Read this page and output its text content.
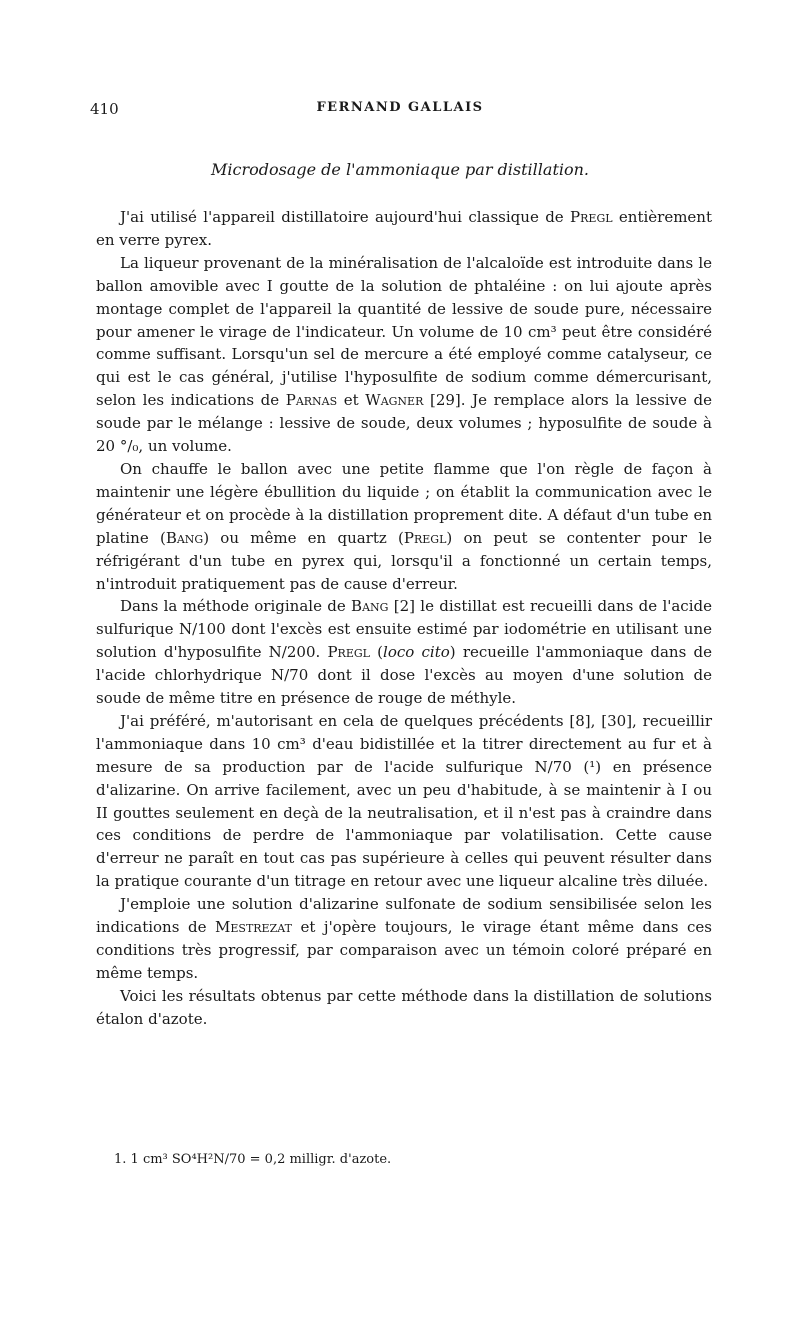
410	FERNAND GALLAIS
Microdosage de l'ammoniaque par distillation.

J'ai utilisé l'appareil distillatoire aujourd'hui classique de Pregl entièrement en verre pyrex.

La liqueur provenant de la minéralisation de l'alcaloïde est introduite dans le ballon amovible avec I goutte de la solution de phtaléine : on lui ajoute après montage complet de l'appareil la quantité de lessive de soude pure, nécessaire pour amener le virage de l'indicateur. Un volume de 10 cm³ peut être considéré comme suffisant. Lorsqu'un sel de mercure a été employé comme catalyseur, ce qui est le cas général, j'utilise l'hyposulfite de sodium comme démercurisant, selon les indications de Parnas et Wagner [29]. Je remplace alors la lessive de soude par le mélange : lessive de soude, deux volumes ; hyposulfite de soude à 20 °/₀, un volume.

On chauffe le ballon avec une petite flamme que l'on règle de façon à maintenir une légère ébullition du liquide ; on établit la communication avec le générateur et on procède à la distillation proprement dite. A défaut d'un tube en platine (Bang) ou même en quartz (Pregl) on peut se contenter pour le réfrigérant d'un tube en pyrex qui, lorsqu'il a fonctionné un certain temps, n'introduit pratiquement pas de cause d'erreur.

Dans la méthode originale de Bang [2] le distillat est recueilli dans de l'acide sulfurique N/100 dont l'excès est ensuite estimé par iodométrie en utilisant une solution d'hyposulfite N/200. Pregl (loco cito) recueille l'ammoniaque dans de l'acide chlorhydrique N/70 dont il dose l'excès au moyen d'une solution de soude de même titre en présence de rouge de méthyle.

J'ai préféré, m'autorisant en cela de quelques précédents [8], [30], recueillir l'ammoniaque dans 10 cm³ d'eau bidistillée et la titrer directement au fur et à mesure de sa production par de l'acide sulfurique N/70 (¹) en présence d'alizarine. On arrive facilement, avec un peu d'habitude, à se maintenir à I ou II gouttes seulement en deçà de la neutralisation, et il n'est pas à craindre dans ces conditions de perdre de l'ammoniaque par volatilisation. Cette cause d'erreur ne paraît en tout cas pas supérieure à celles qui peuvent résulter dans la pratique courante d'un titrage en retour avec une liqueur alcaline très diluée.

J'emploie une solution d'alizarine sulfonate de sodium sensibilisée selon les indications de Mestrezat et j'opère toujours, le virage étant même dans ces conditions très progressif, par comparaison avec un témoin coloré préparé en même temps.

Voici les résultats obtenus par cette méthode dans la distillation de solutions étalon d'azote.

1. 1 cm³ SO⁴H²N/70 = 0,2 milligr. d'azote.
